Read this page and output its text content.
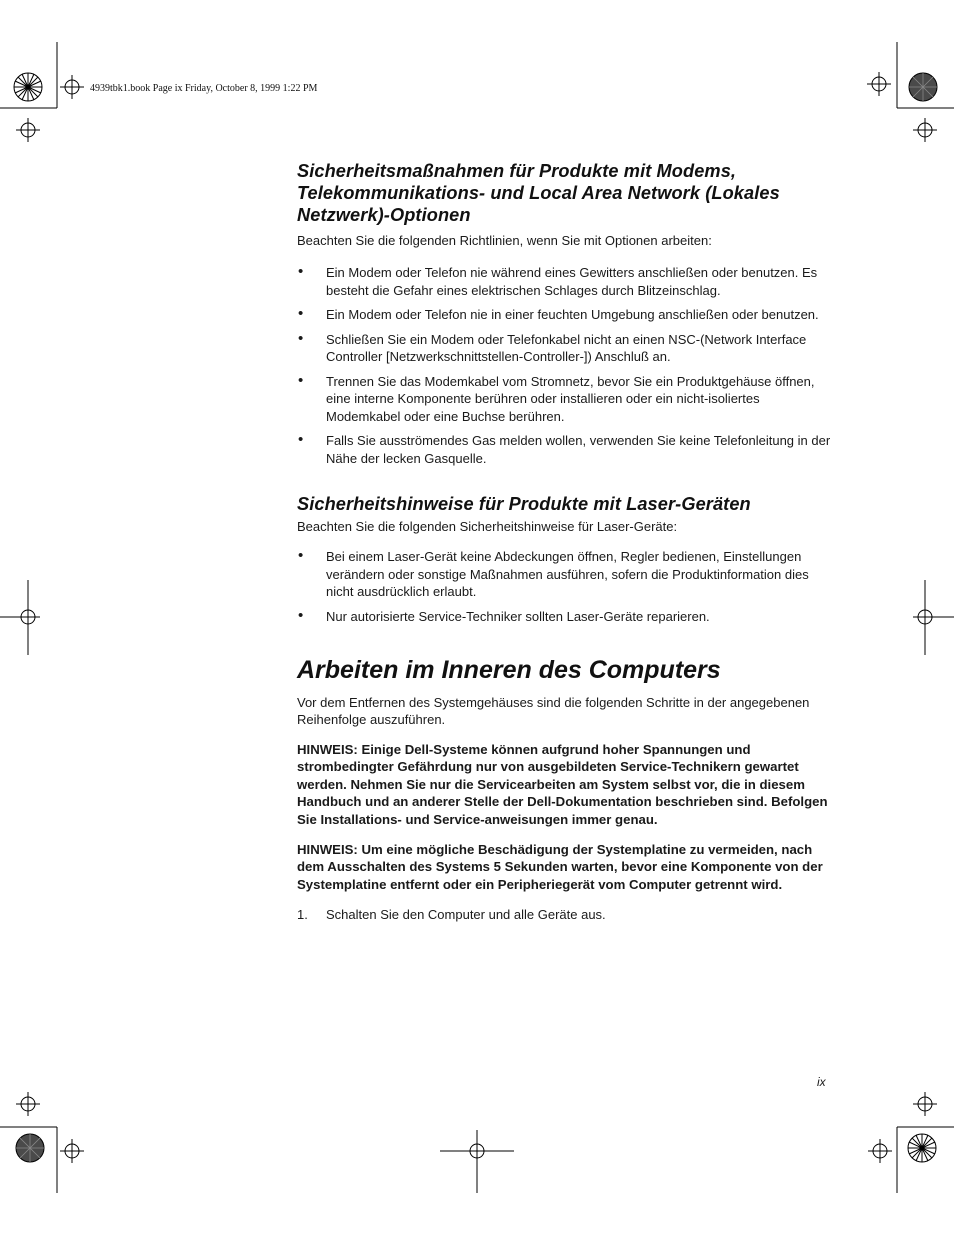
4939tbk1.book Page ix Friday, October 8, 1999 1:22 PM
Sicherheitsmaßnahmen für Produkte mit Modems, Telekommunikations- und Local Area Network (Lokales Netzwerk)-Optionen

Beachten Sie die folgenden Richtlinien, wenn Sie mit Optionen arbeiten:

• Ein Modem oder Telefon nie während eines Gewitters anschließen oder benutzen. Es besteht die Gefahr eines elektrischen Schlages durch Blitzeinschlag.
• Ein Modem oder Telefon nie in einer feuchten Umgebung anschließen oder benutzen.
• Schließen Sie ein Modem oder Telefonkabel nicht an einen NSC-(Network Interface Controller [Netzwerkschnittstellen-Controller-]) Anschluß an.
• Trennen Sie das Modemkabel vom Stromnetz, bevor Sie ein Produktgehäuse öffnen, eine interne Komponente berühren oder installieren oder ein nicht-isoliertes Modemkabel oder eine Buchse berühren.
• Falls Sie ausströmendes Gas melden wollen, verwenden Sie keine Telefonleitung in der Nähe der lecken Gasquelle.
Sicherheitshinweise für Produkte mit Laser-Geräten

Beachten Sie die folgenden Sicherheitshinweise für Laser-Geräte:

• Bei einem Laser-Gerät keine Abdeckungen öffnen, Regler bedienen, Einstellungen verändern oder sonstige Maßnahmen ausführen, sofern die Produktinformation dies nicht ausdrücklich erlaubt.
• Nur autorisierte Service-Techniker sollten Laser-Geräte reparieren.
Arbeiten im Inneren des Computers

Vor dem Entfernen des Systemgehäuses sind die folgenden Schritte in der angegebenen Reihenfolge auszuführen.

HINWEIS: Einige Dell-Systeme können aufgrund hoher Spannungen und strombedingter Gefährdung nur von ausgebildeten Service-Technikern gewartet werden. Nehmen Sie nur die Servicearbeiten am System selbst vor, die in diesem Handbuch und an anderer Stelle der Dell-Dokumentation beschrieben sind. Befolgen Sie Installations- und Service-anweisungen immer genau.

HINWEIS: Um eine mögliche Beschädigung der Systemplatine zu vermeiden, nach dem Ausschalten des Systems 5 Sekunden warten, bevor eine Komponente von der Systemplatine entfernt oder ein Peripheriegerät vom Computer getrennt wird.

1. Schalten Sie den Computer und alle Geräte aus.
ix
